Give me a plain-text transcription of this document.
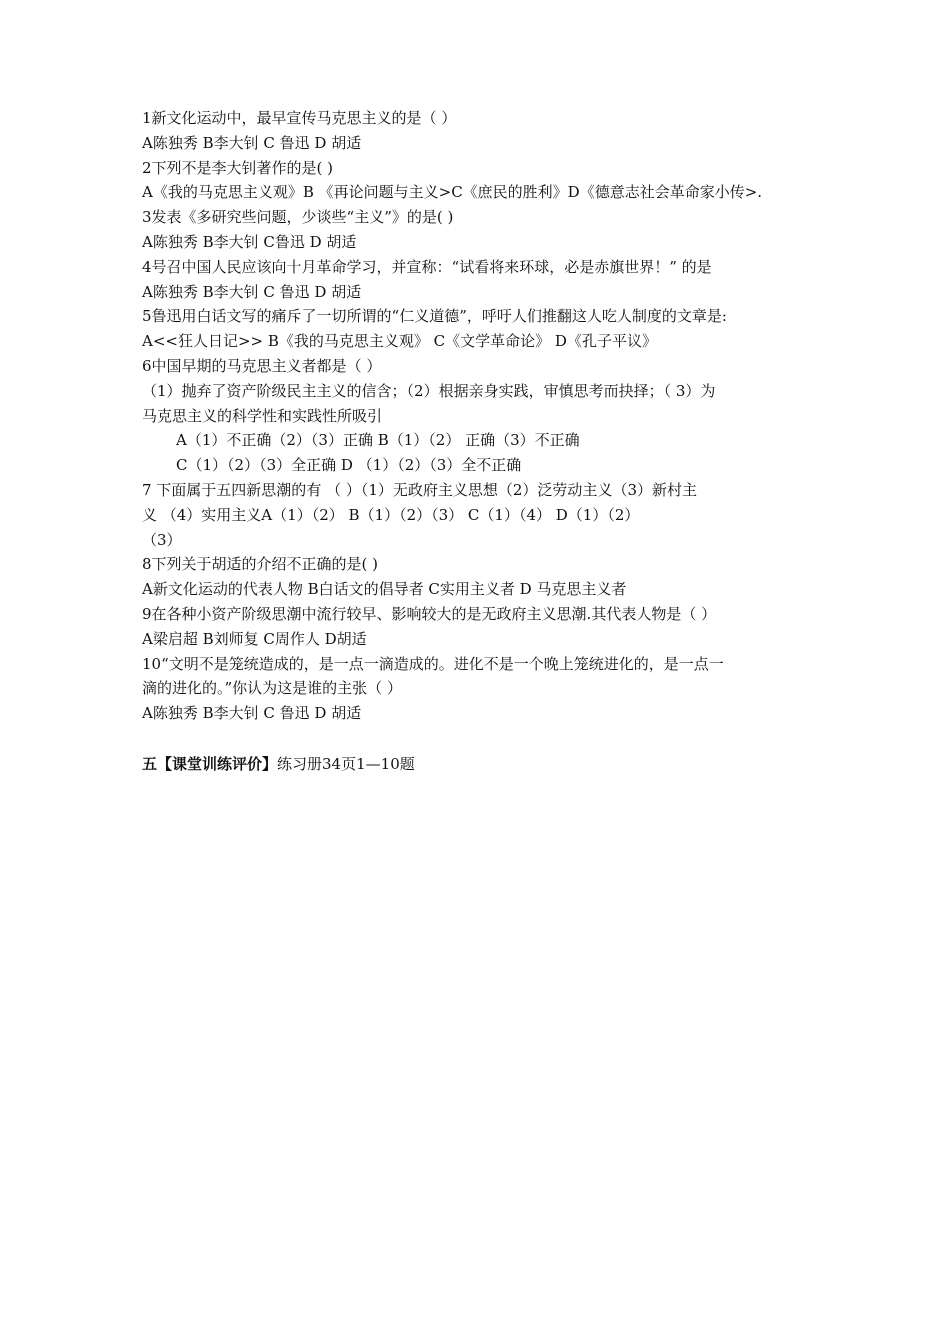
1新文化运动中，最早宣传马克思主义的是（ ）
A陈独秀 B李大钊 C 鲁迅 D 胡适
2下列不是李大钊著作的是( )
A《我的马克思主义观》B 《再论问题与主义>C《庶民的胜利》D《德意志社会革命家小传>.
3发表《多研究些问题，少谈些“主义”》的是( )
A陈独秀 B李大钊 C鲁迅 D 胡适
4号召中国人民应该向十月革命学习，并宣称：“试看将来环球，必是赤旗世界！” 的是
A陈独秀 B李大钊 C 鲁迅 D 胡适
5鲁迅用白话文写的痛斥了一切所谓的“仁义道德”，呼吁人们推翻这人吃人制度的文章是:
A<<狂人日记>> B《我的马克思主义观》 C《文学革命论》 D《孔子平议》
6中国早期的马克思主义者都是（ ）
（1）抛弃了资产阶级民主主义的信含；（2）根据亲身实践，审慎思考而抉择；（ 3）为
马克思主义的科学性和实践性所吸引
A（1）不正确（2）（3）正确 B（1）（2） 正确（3）不正确
C（1）（2）（3）全正确 D （1）（2）（3）全不正确
7 下面属于五四新思潮的有 （ ）（1）无政府主义思想（2）泛劳动主义（3）新村主
义 （4）实用主义A（1）（2） B（1）（2）（3） C（1）（4） D（1）（2）
（3）
8下列关于胡适的介绍不正确的是( )
A新文化运动的代表人物 B白话文的倡导者 C实用主义者 D 马克思主义者
9在各种小资产阶级思潮中流行较早、影响较大的是无政府主义思潮.其代表人物是（ ）
A梁启超 B刘师复 C周作人 D胡适
10“文明不是笼统造成的，是一点一滴造成的。进化不是一个晚上笼统进化的，是一点一
滴的进化的。”你认为这是谁的主张（ ）
A陈独秀 B李大钊 C 鲁迅 D 胡适
五【课堂训练评价】练习册34页1—10题
